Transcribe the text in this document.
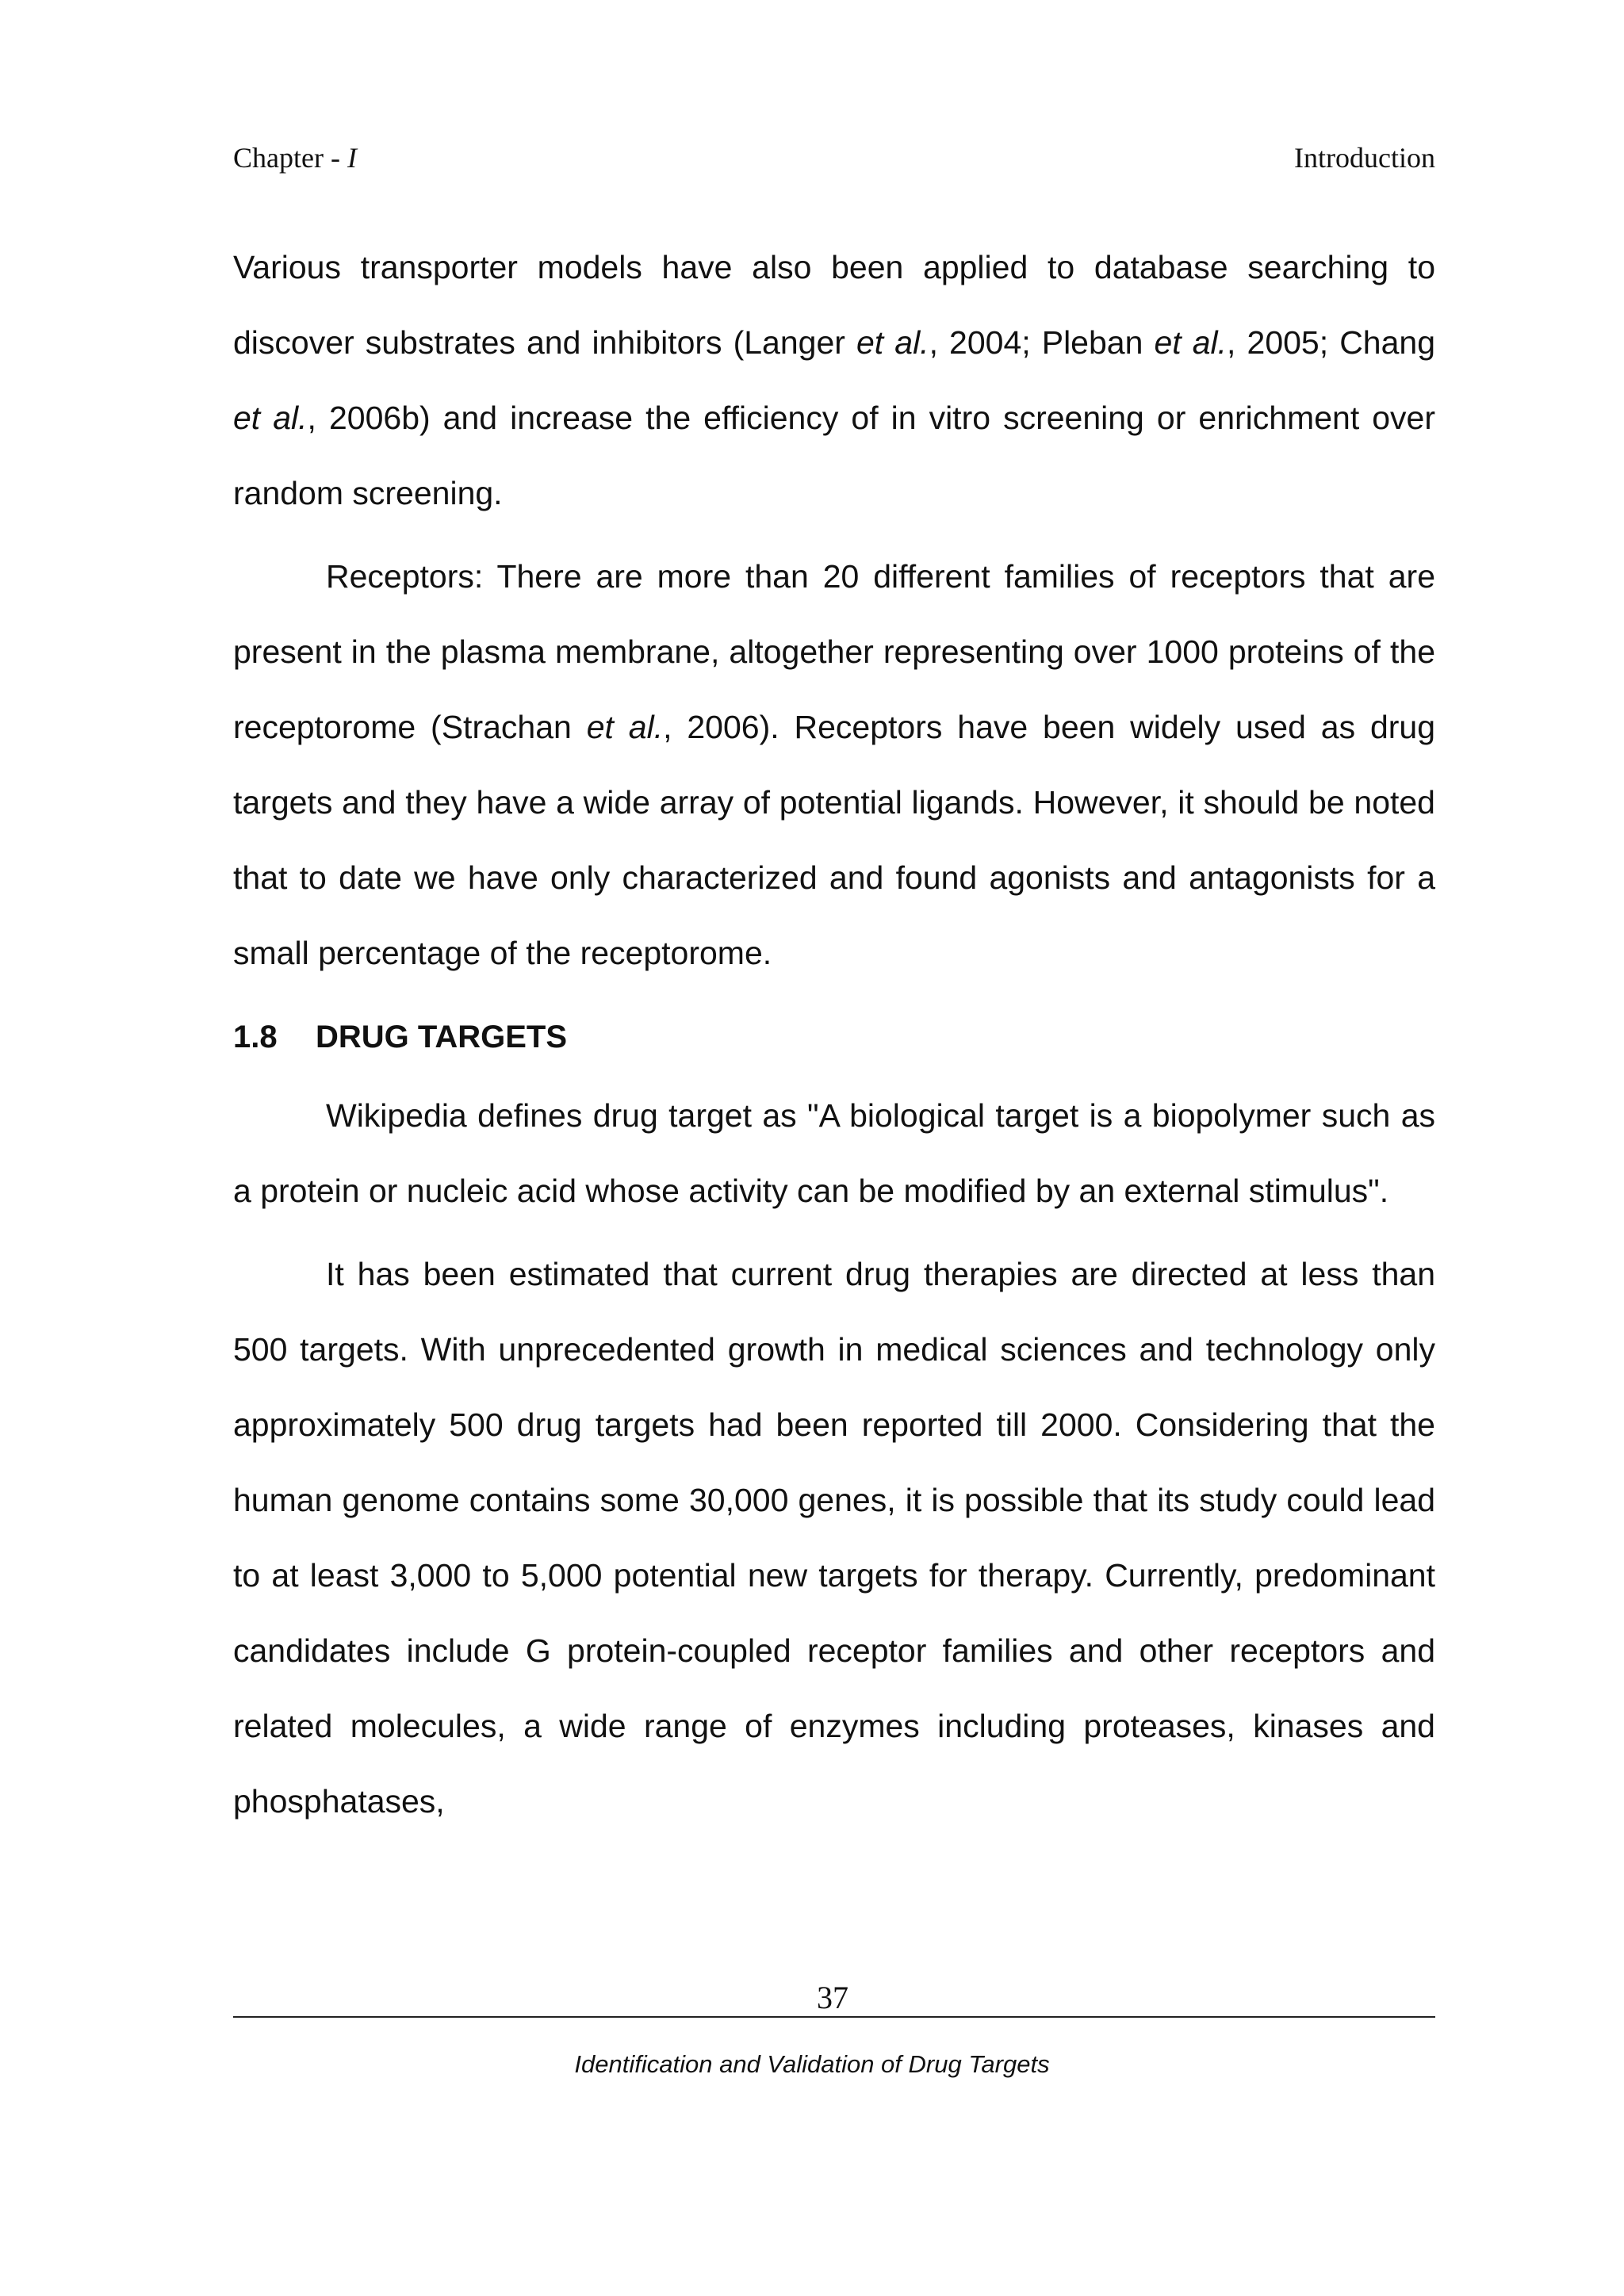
Chapter - I	Introduction

Various transporter models have also been applied to database searching to discover substrates and inhibitors (Langer et al., 2004; Pleban et al., 2005; Chang et al., 2006b) and increase the efficiency of in vitro screening or enrichment over random screening.

Receptors: There are more than 20 different families of receptors that are present in the plasma membrane, altogether representing over 1000 proteins of the receptorome (Strachan et al., 2006). Receptors have been widely used as drug targets and they have a wide array of potential ligands. However, it should be noted that to date we have only characterized and found agonists and antagonists for a small percentage of the receptorome.

1.8 DRUG TARGETS

Wikipedia defines drug target as "A biological target is a biopolymer such as a protein or nucleic acid whose activity can be modified by an external stimulus".

It has been estimated that current drug therapies are directed at less than 500 targets. With unprecedented growth in medical sciences and technology only approximately 500 drug targets had been reported till 2000. Considering that the human genome contains some 30,000 genes, it is possible that its study could lead to at least 3,000 to 5,000 potential new targets for therapy. Currently, predominant candidates include G protein-coupled receptor families and other receptors and related molecules, a wide range of enzymes including proteases, kinases and phosphatases,

37
Identification and Validation of Drug Targets
